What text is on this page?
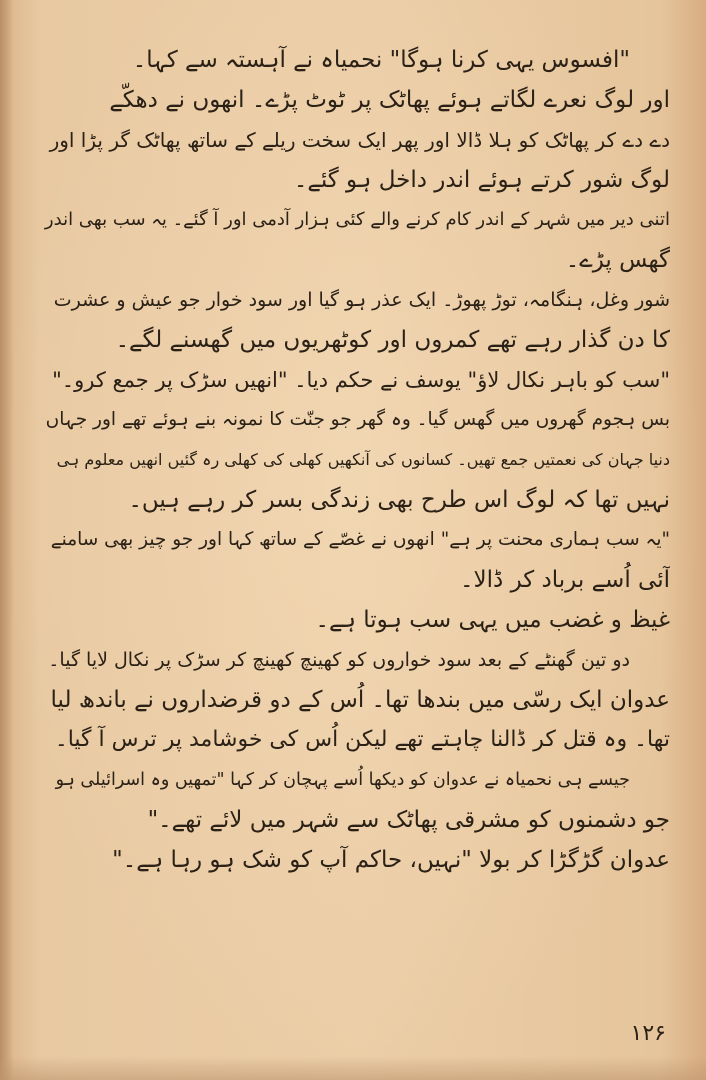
"افسوس یہی کرنا ہوگا" نحمیاہ نے آہستہ سے کہا۔
اور لوگ نعرے لگاتے ہوئے پھاٹک پر ٹوٹ پڑے۔ انھوں نے دھکّے
دے دے کر پھاٹک کو ہلا ڈالا اور پھر ایک سخت ریلے کے ساتھ پھاٹک گر پڑا اور
لوگ شور کرتے ہوئے اندر داخل ہو گئے۔
اتنی دیر میں شہر کے اندر کام کرنے والے کئی ہزار آدمی اور آ گئے۔ یہ سب بھی اندر
گھس پڑے۔
شور وغل، ہنگامہ، توڑ پھوڑ۔ ایک عذر ہو گیا اور سود خوار جو عیش و عشرت
کا دن گذار رہے تھے کمروں اور کوٹھریوں میں گھسنے لگے۔
"سب کو باہر نکال لاؤ" یوسف نے حکم دیا۔ "انھیں سڑک پر جمع کرو۔"
بس ہجوم گھروں میں گھس گیا۔ وہ گھر جو جنّت کا نمونہ بنے ہوئے تھے اور جہاں
دنیا جہان کی نعمتیں جمع تھیں۔ کسانوں کی آنکھیں کھلی کی کھلی رہ گئیں انھیں معلوم ہی
نہیں تھا کہ لوگ اس طرح بھی زندگی بسر کر رہے ہیں۔
"یہ سب ہماری محنت پر ہے" انھوں نے غصّے کے ساتھ کہا اور جو چیز بھی سامنے
آئی اُسے برباد کر ڈالا۔
غیظ و غضب میں یہی سب ہوتا ہے۔
دو تین گھنٹے کے بعد سود خواروں کو کھینچ کھینچ کر سڑک پر نکال لایا گیا۔
عدوان ایک رسّی میں بندھا تھا۔ اُس کے دو قرضداروں نے باندھ لیا
تھا۔ وہ قتل کر ڈالنا چاہتے تھے لیکن اُس کی خوشامد پر ترس آ گیا۔
جیسے ہی نحمیاہ نے عدوان کو دیکھا اُسے پہچان کر کہا "تمھیں وہ اسرائیلی ہو
جو دشمنوں کو مشرقی پھاٹک سے شہر میں لائے تھے۔"
عدوان گڑگڑا کر بولا "نہیں، حاکم آپ کو شک ہو رہا ہے۔"
۱۲۶
